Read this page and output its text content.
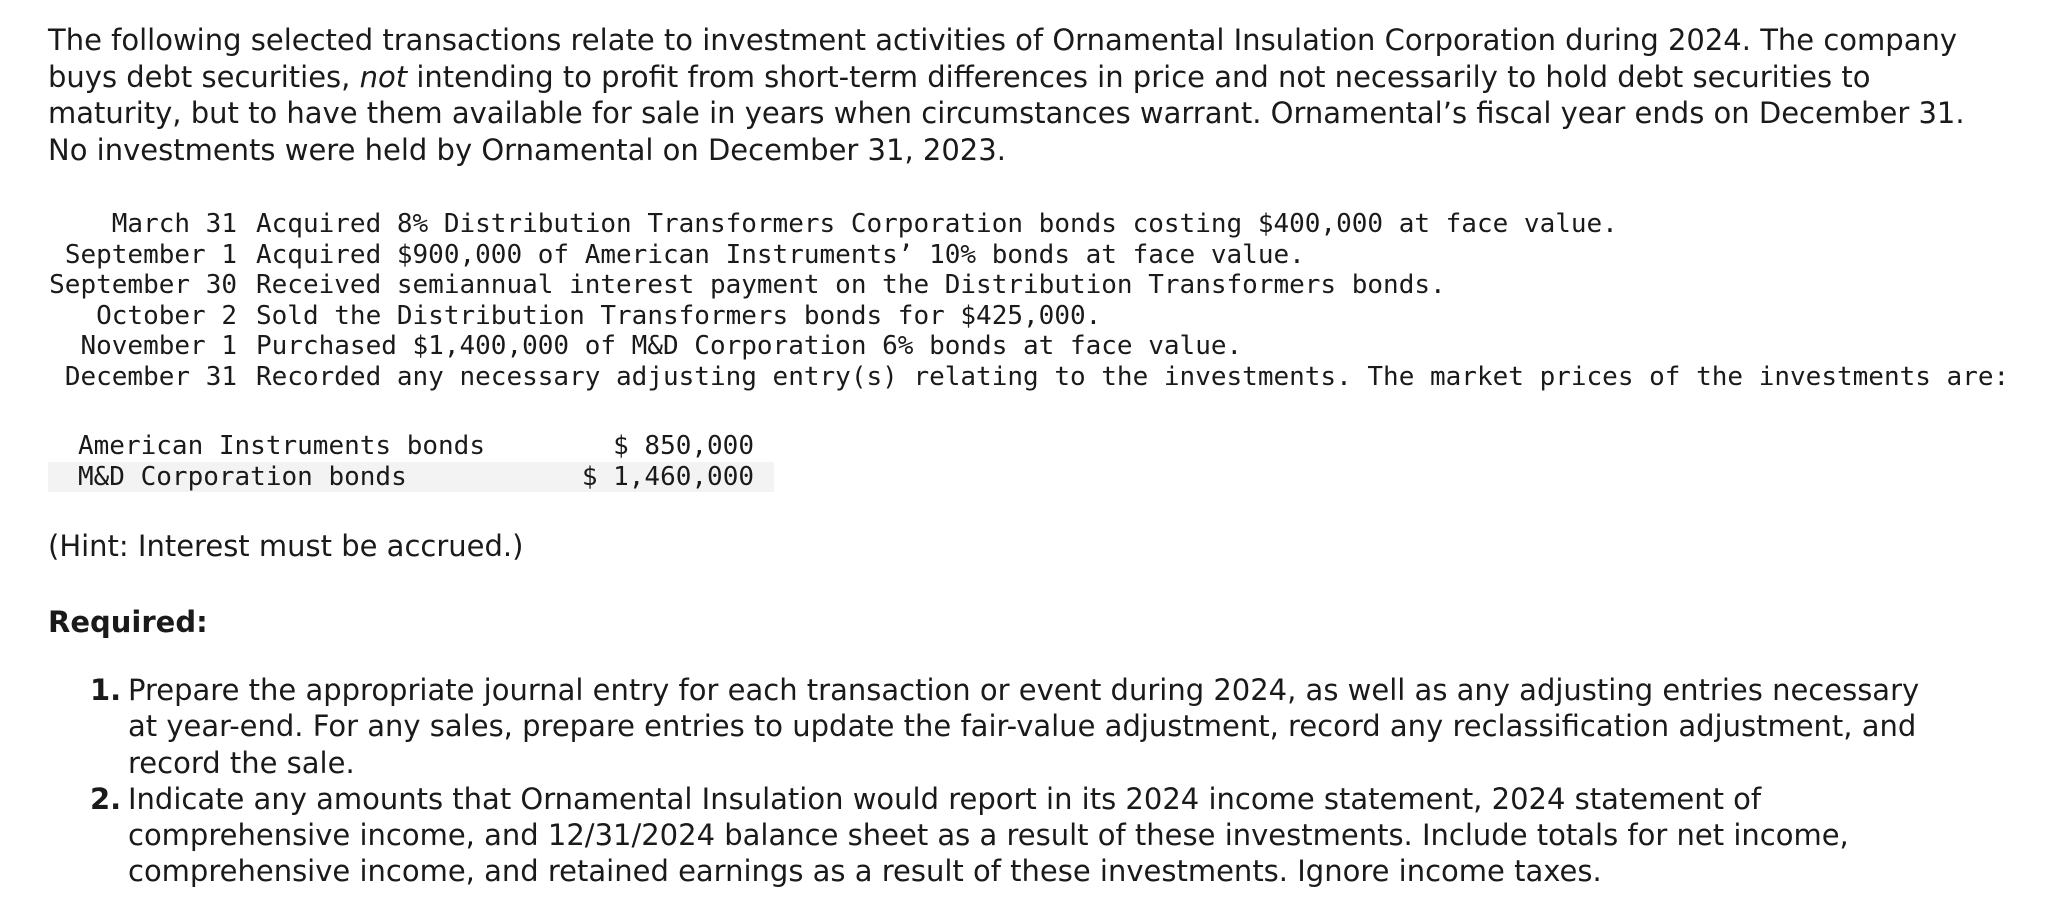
The following selected transactions relate to investment activities of Ornamental Insulation Corporation during 2024. The company buys debt securities, not intending to profit from short-term differences in price and not necessarily to hold debt securities to maturity, but to have them available for sale in years when circumstances warrant. Ornamental’s fiscal year ends on December 31. No investments were held by Ornamental on December 31, 2023.

March 31	Acquired 8% Distribution Transformers Corporation bonds costing $400,000 at face value.
September 1	Acquired $900,000 of American Instruments’ 10% bonds at face value.
September 30	Received semiannual interest payment on the Distribution Transformers bonds.
October 2	Sold the Distribution Transformers bonds for $425,000.
November 1	Purchased $1,400,000 of M&D Corporation 6% bonds at face value.
December 31	Recorded any necessary adjusting entry(s) relating to the investments. The market prices of the investments are:
American Instruments bonds	$ 850,000
M&D Corporation bonds	$ 1,460,000

(Hint: Interest must be accrued.)

Required:

1. Prepare the appropriate journal entry for each transaction or event during 2024, as well as any adjusting entries necessary at year-end. For any sales, prepare entries to update the fair-value adjustment, record any reclassification adjustment, and record the sale.
2. Indicate any amounts that Ornamental Insulation would report in its 2024 income statement, 2024 statement of comprehensive income, and 12/31/2024 balance sheet as a result of these investments. Include totals for net income, comprehensive income, and retained earnings as a result of these investments. Ignore income taxes.
